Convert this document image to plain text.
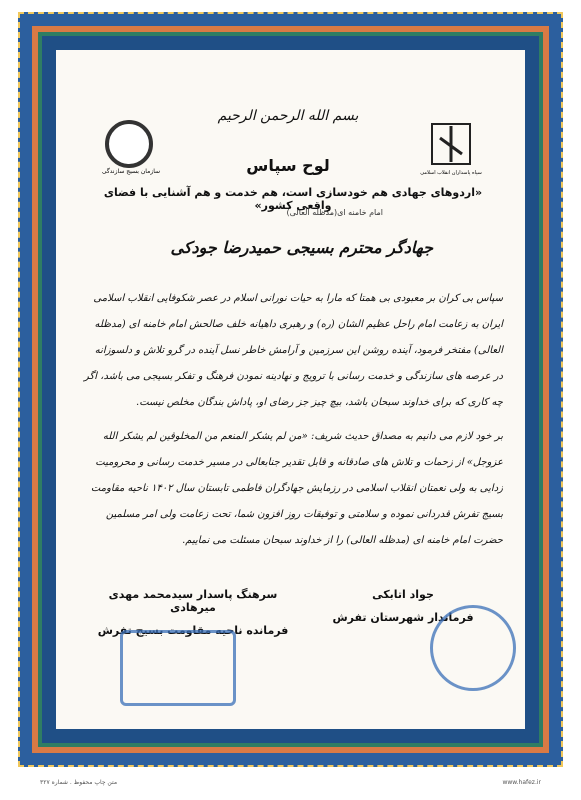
سازمان بسیج سازندگی	سپاه پاسداران انقلاب اسلامی
بسم الله الرحمن الرحیم
لوح سپاس
«اردوهای جهادی هم خودسازی است، هم خدمت و هم آشنایی با فضای واقعی کشور»
امام خامنه ای(مدظله العالی)
جهادگر محترم بسیجی حمیدرضا جودکی

سپاس بی کران بر معبودی بی همتا که مارا به حیات نورانی اسلام در عصر شکوفایی انقلاب اسلامی ایران به زعامت امام راحل عظیم الشان (ره) و رهبری داهیانه خلف صالحش امام خامنه ای (مدظله العالی) مفتخر فرمود، آینده روشن این سرزمین و آرامش خاطر نسل آینده در گرو تلاش و دلسوزانه در عرصه های سازندگی و خدمت رسانی با ترویج و نهادینه نمودن فرهنگ و تفکر بسیجی می باشد، اگر چه کاری که برای خداوند سبحان باشد، بیچ چیز جز رضای او، پاداش بندگان مخلص نیست.

بر خود لازم می دانیم به مصداق حدیث شریف: «من لم یشکر المنعم من المخلوقین لم یشکر الله عزوجل» از زحمات و تلاش های صادقانه و قابل تقدیر جنابعالی در مسیر خدمت رسانی و محرومیت زدایی به ولی نعمتان انقلاب اسلامی در رزمایش جهادگران فاطمی تابستان سال ۱۴۰۲ ناحیه مقاومت بسیج تفرش قدردانی نموده و سلامتی و توفیقات روز افزون شما، تحت زعامت ولی امر مسلمین حضرت امام خامنه ای (مدظله العالی) را از خداوند سبحان مسئلت می نماییم.

سرهنگ پاسدار سیدمحمد مهدی میرهادی
فرمانده ناحیه مقاومت بسیج تفرش
جواد اتابکی
فرماندار شهرستان تفرش
متن چاپ محفوظ . شماره ۳۲۷	www.hafez.ir
